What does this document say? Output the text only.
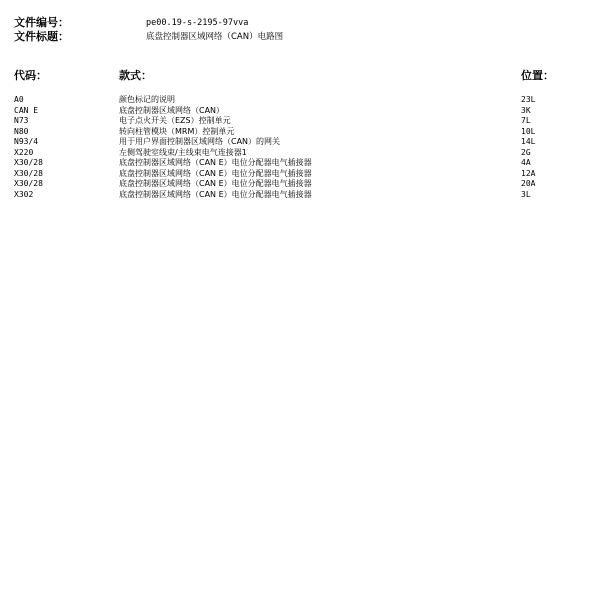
文件编号：	pe00.19-s-2195-97vva
文件标题：	底盘控制器区域网络（CAN）电路图
代码：	款式：	位置：
A0	颜色标记的说明	23L
CAN E	底盘控制器区域网络（CAN）	3K
N73	电子点火开关（EZS）控制单元	7L
N80	转向柱管模块（MRM）控制单元	10L
N93/4	用于用户界面控制器区域网络（CAN）的网关	14L
X220	左侧驾驶室线束/主线束电气连接器1	2G
X30/28	底盘控制器区域网络（CAN E）电位分配器电气插接器	4A
X30/28	底盘控制器区域网络（CAN E）电位分配器电气插接器	12A
X30/28	底盘控制器区域网络（CAN E）电位分配器电气插接器	20A
X302	底盘控制器区域网络（CAN E）电位分配器电气插接器	3L
